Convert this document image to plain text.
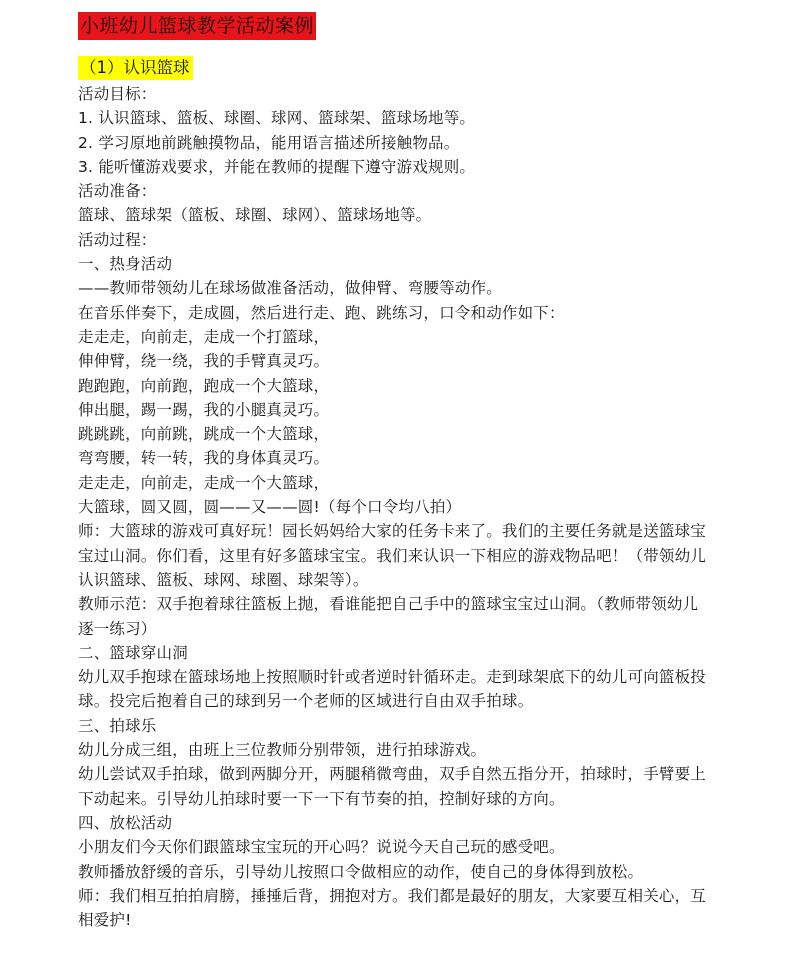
小班幼儿篮球教学活动案例
（1）认识篮球
活动目标：
1. 认识篮球、篮板、球圈、球网、篮球架、篮球场地等。
2. 学习原地前跳触摸物品，能用语言描述所接触物品。
3. 能听懂游戏要求，并能在教师的提醒下遵守游戏规则。
活动准备：
篮球、篮球架（篮板、球圈、球网）、篮球场地等。
活动过程：
一、热身活动
——教师带领幼儿在球场做准备活动，做伸臂、弯腰等动作。
在音乐伴奏下，走成圆，然后进行走、跑、跳练习，口令和动作如下：
走走走，向前走，走成一个打篮球，
伸伸臂，绕一绕，我的手臂真灵巧。
跑跑跑，向前跑，跑成一个大篮球，
伸出腿，踢一踢，我的小腿真灵巧。
跳跳跳，向前跳，跳成一个大篮球，
弯弯腰，转一转，我的身体真灵巧。
走走走，向前走，走成一个大篮球，
大篮球，圆又圆，圆——又——圆!（每个口令均八拍）
师：大篮球的游戏可真好玩！园长妈妈给大家的任务卡来了。我们的主要任务就是送篮球宝
宝过山洞。你们看，这里有好多篮球宝宝。我们来认识一下相应的游戏物品吧！（带领幼儿
认识篮球、篮板、球网、球圈、球架等）。
教师示范：双手抱着球往篮板上抛，看谁能把自己手中的篮球宝宝过山洞。（教师带领幼儿
逐一练习）
二、篮球穿山洞
幼儿双手抱球在篮球场地上按照顺时针或者逆时针循环走。走到球架底下的幼儿可向篮板投
球。投完后抱着自己的球到另一个老师的区域进行自由双手拍球。
三、拍球乐
幼儿分成三组，由班上三位教师分别带领，进行拍球游戏。
幼儿尝试双手拍球，做到两脚分开，两腿稍微弯曲，双手自然五指分开，拍球时，手臂要上
下动起来。引导幼儿拍球时要一下一下有节奏的拍，控制好球的方向。
四、放松活动
小朋友们今天你们跟篮球宝宝玩的开心吗？说说今天自己玩的感受吧。
教师播放舒缓的音乐，引导幼儿按照口令做相应的动作，使自己的身体得到放松。
师：我们相互拍拍肩膀，捶捶后背，拥抱对方。我们都是最好的朋友，大家要互相关心，互
相爱护!
